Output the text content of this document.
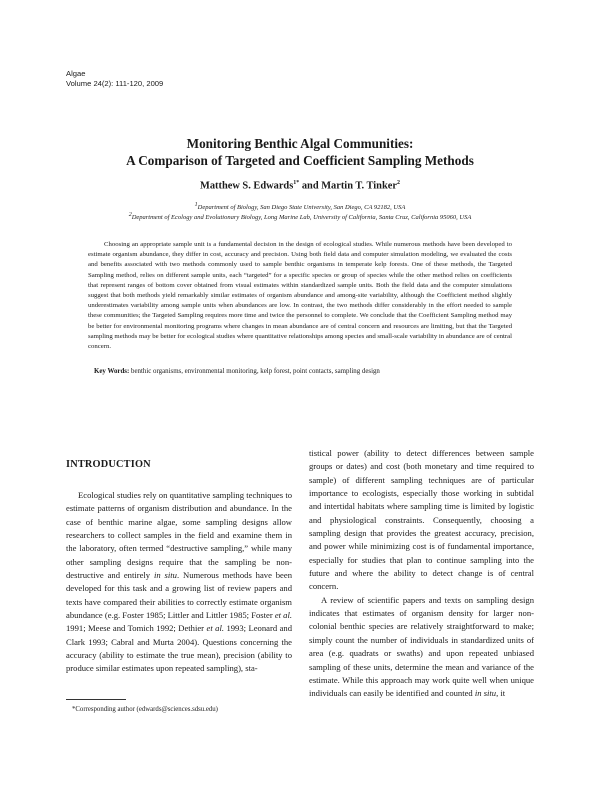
Algae
Volume 24(2): 111-120, 2009
Monitoring Benthic Algal Communities:
A Comparison of Targeted and Coefficient Sampling Methods
Matthew S. Edwards$^{1*}$ and Martin T. Tinker$^2$
$^1$Department of Biology, San Diego State University, San Diego, CA 92182, USA
$^2$Department of Ecology and Evolutionary Biology, Long Marine Lab, University of California, Santa Cruz, California 95060, USA
Choosing an appropriate sample unit is a fundamental decision in the design of ecological studies. While numerous methods have been developed to estimate organism abundance, they differ in cost, accuracy and precision. Using both field data and computer simulation modeling, we evaluated the costs and benefits associated with two methods commonly used to sample benthic organisms in temperate kelp forests. One of these methods, the Targeted Sampling method, relies on different sample units, each “targeted” for a specific species or group of species while the other method relies on coefficients that represent ranges of bottom cover obtained from visual estimates within standardized sample units. Both the field data and the computer simulations suggest that both methods yield remarkably similar estimates of organism abundance and among-site variability, although the Coefficient method slightly underestimates variability among sample units when abundances are low. In contrast, the two methods differ considerably in the effort needed to sample these communities; the Targeted Sampling requires more time and twice the personnel to complete. We conclude that the Coefficient Sampling method may be better for environmental monitoring programs where changes in mean abundance are of central concern and resources are limiting, but that the Targeted sampling methods may be better for ecological studies where quantitative relationships among species and small-scale variability in abundance are of central concern.
Key Words: benthic organisms, environmental monitoring, kelp forest, point contacts, sampling design
INTRODUCTION

Ecological studies rely on quantitative sampling techniques to estimate patterns of organism distribution and abundance. In the case of benthic marine algae, some sampling designs allow researchers to collect samples in the field and examine them in the laboratory, often termed “destructive sampling,” while many other sampling designs require that the sampling be non-destructive and entirely in situ. Numerous methods have been developed for this task and a growing list of review papers and texts have compared their abilities to correctly estimate organism abundance (e.g. Foster 1985; Littler and Littler 1985; Foster et al. 1991; Meese and Tomich 1992; Dethier et al. 1993; Leonard and Clark 1993; Cabral and Murta 2004). Questions concerning the accuracy (ability to estimate the true mean), precision (ability to produce similar estimates upon repeated sampling), sta-

tistical power (ability to detect differences between sample groups or dates) and cost (both monetary and time required to sample) of different sampling techniques are of particular importance to ecologists, especially those working in subtidal and intertidal habitats where sampling time is limited by logistic and physiological constraints. Consequently, choosing a sampling design that provides the greatest accuracy, precision, and power while minimizing cost is of fundamental importance, especially for studies that plan to continue sampling into the future and where the ability to detect change is of central concern.

A review of scientific papers and texts on sampling design indicates that estimates of organism density for larger non-colonial benthic species are relatively straightforward to make; simply count the number of individuals in standardized units of area (e.g. quadrats or swaths) and upon repeated unbiased sampling of these units, determine the mean and variance of the estimate. While this approach may work quite well when unique individuals can easily be identified and counted in situ, it

*Corresponding author (edwards@sciences.sdsu.edu)
